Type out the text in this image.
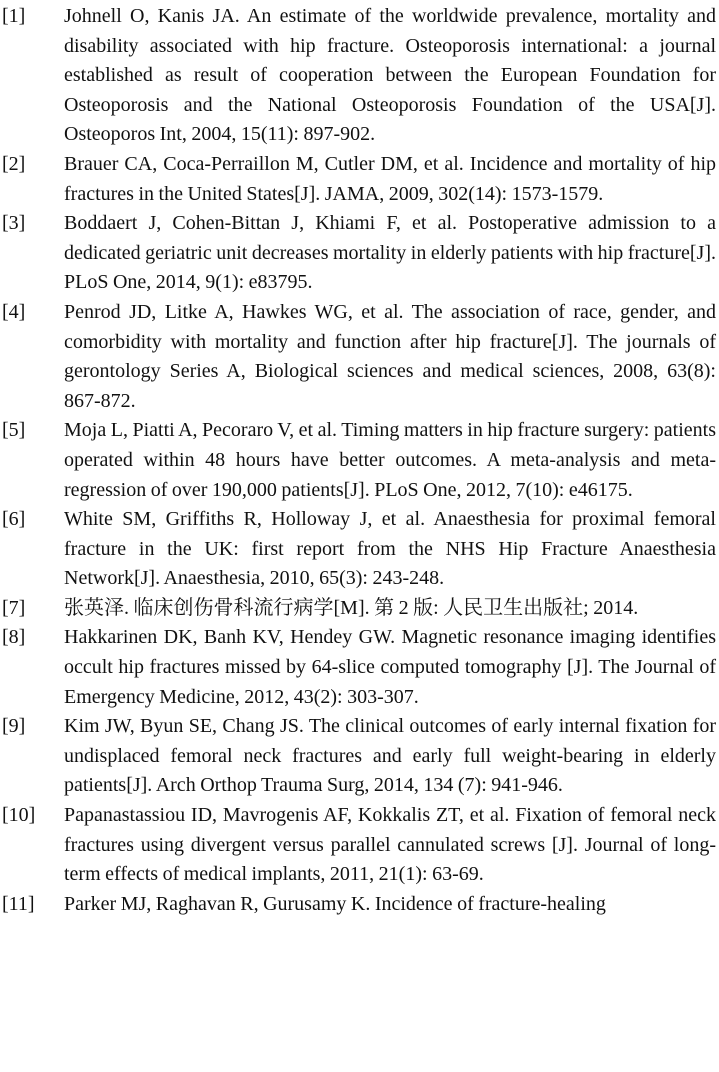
[1]	Johnell O, Kanis JA. An estimate of the worldwide prevalence, mortality and disability associated with hip fracture. Osteoporosis international: a journal established as result of cooperation between the European Foundation for Osteoporosis and the National Osteoporosis Foundation of the USA[J]. Osteoporos Int, 2004, 15(11): 897-902.
[2]	Brauer CA, Coca-Perraillon M, Cutler DM, et al. Incidence and mortality of hip fractures in the United States[J]. JAMA, 2009, 302(14): 1573-1579.
[3]	Boddaert J, Cohen-Bittan J, Khiami F, et al. Postoperative admission to a dedicated geriatric unit decreases mortality in elderly patients with hip fracture[J]. PLoS One, 2014, 9(1): e83795.
[4]	Penrod JD, Litke A, Hawkes WG, et al. The association of race, gender, and comorbidity with mortality and function after hip fracture[J]. The journals of gerontology Series A, Biological sciences and medical sciences, 2008, 63(8): 867-872.
[5]	Moja L, Piatti A, Pecoraro V, et al. Timing matters in hip fracture surgery: patients operated within 48 hours have better outcomes. A meta-analysis and meta-regression of over 190,000 patients[J]. PLoS One, 2012, 7(10): e46175.
[6]	White SM, Griffiths R, Holloway J, et al. Anaesthesia for proximal femoral fracture in the UK: first report from the NHS Hip Fracture Anaesthesia Network[J]. Anaesthesia, 2010, 65(3): 243-248.
[7]	张英泽. 临床创伤骨科流行病学[M]. 第 2 版: 人民卫生出版社; 2014.
[8]	Hakkarinen DK, Banh KV, Hendey GW. Magnetic resonance imaging identifies occult hip fractures missed by 64-slice computed tomography [J]. The Journal of Emergency Medicine, 2012, 43(2): 303-307.
[9]	Kim JW, Byun SE, Chang JS. The clinical outcomes of early internal fixation for undisplaced femoral neck fractures and early full weight-bearing in elderly patients[J]. Arch Orthop Trauma Surg, 2014, 134 (7): 941-946.
[10]	Papanastassiou ID, Mavrogenis AF, Kokkalis ZT, et al. Fixation of femoral neck fractures using divergent versus parallel cannulated screws [J]. Journal of long-term effects of medical implants, 2011, 21(1): 63-69.
[11]	Parker MJ, Raghavan R, Gurusamy K. Incidence of fracture-healing
